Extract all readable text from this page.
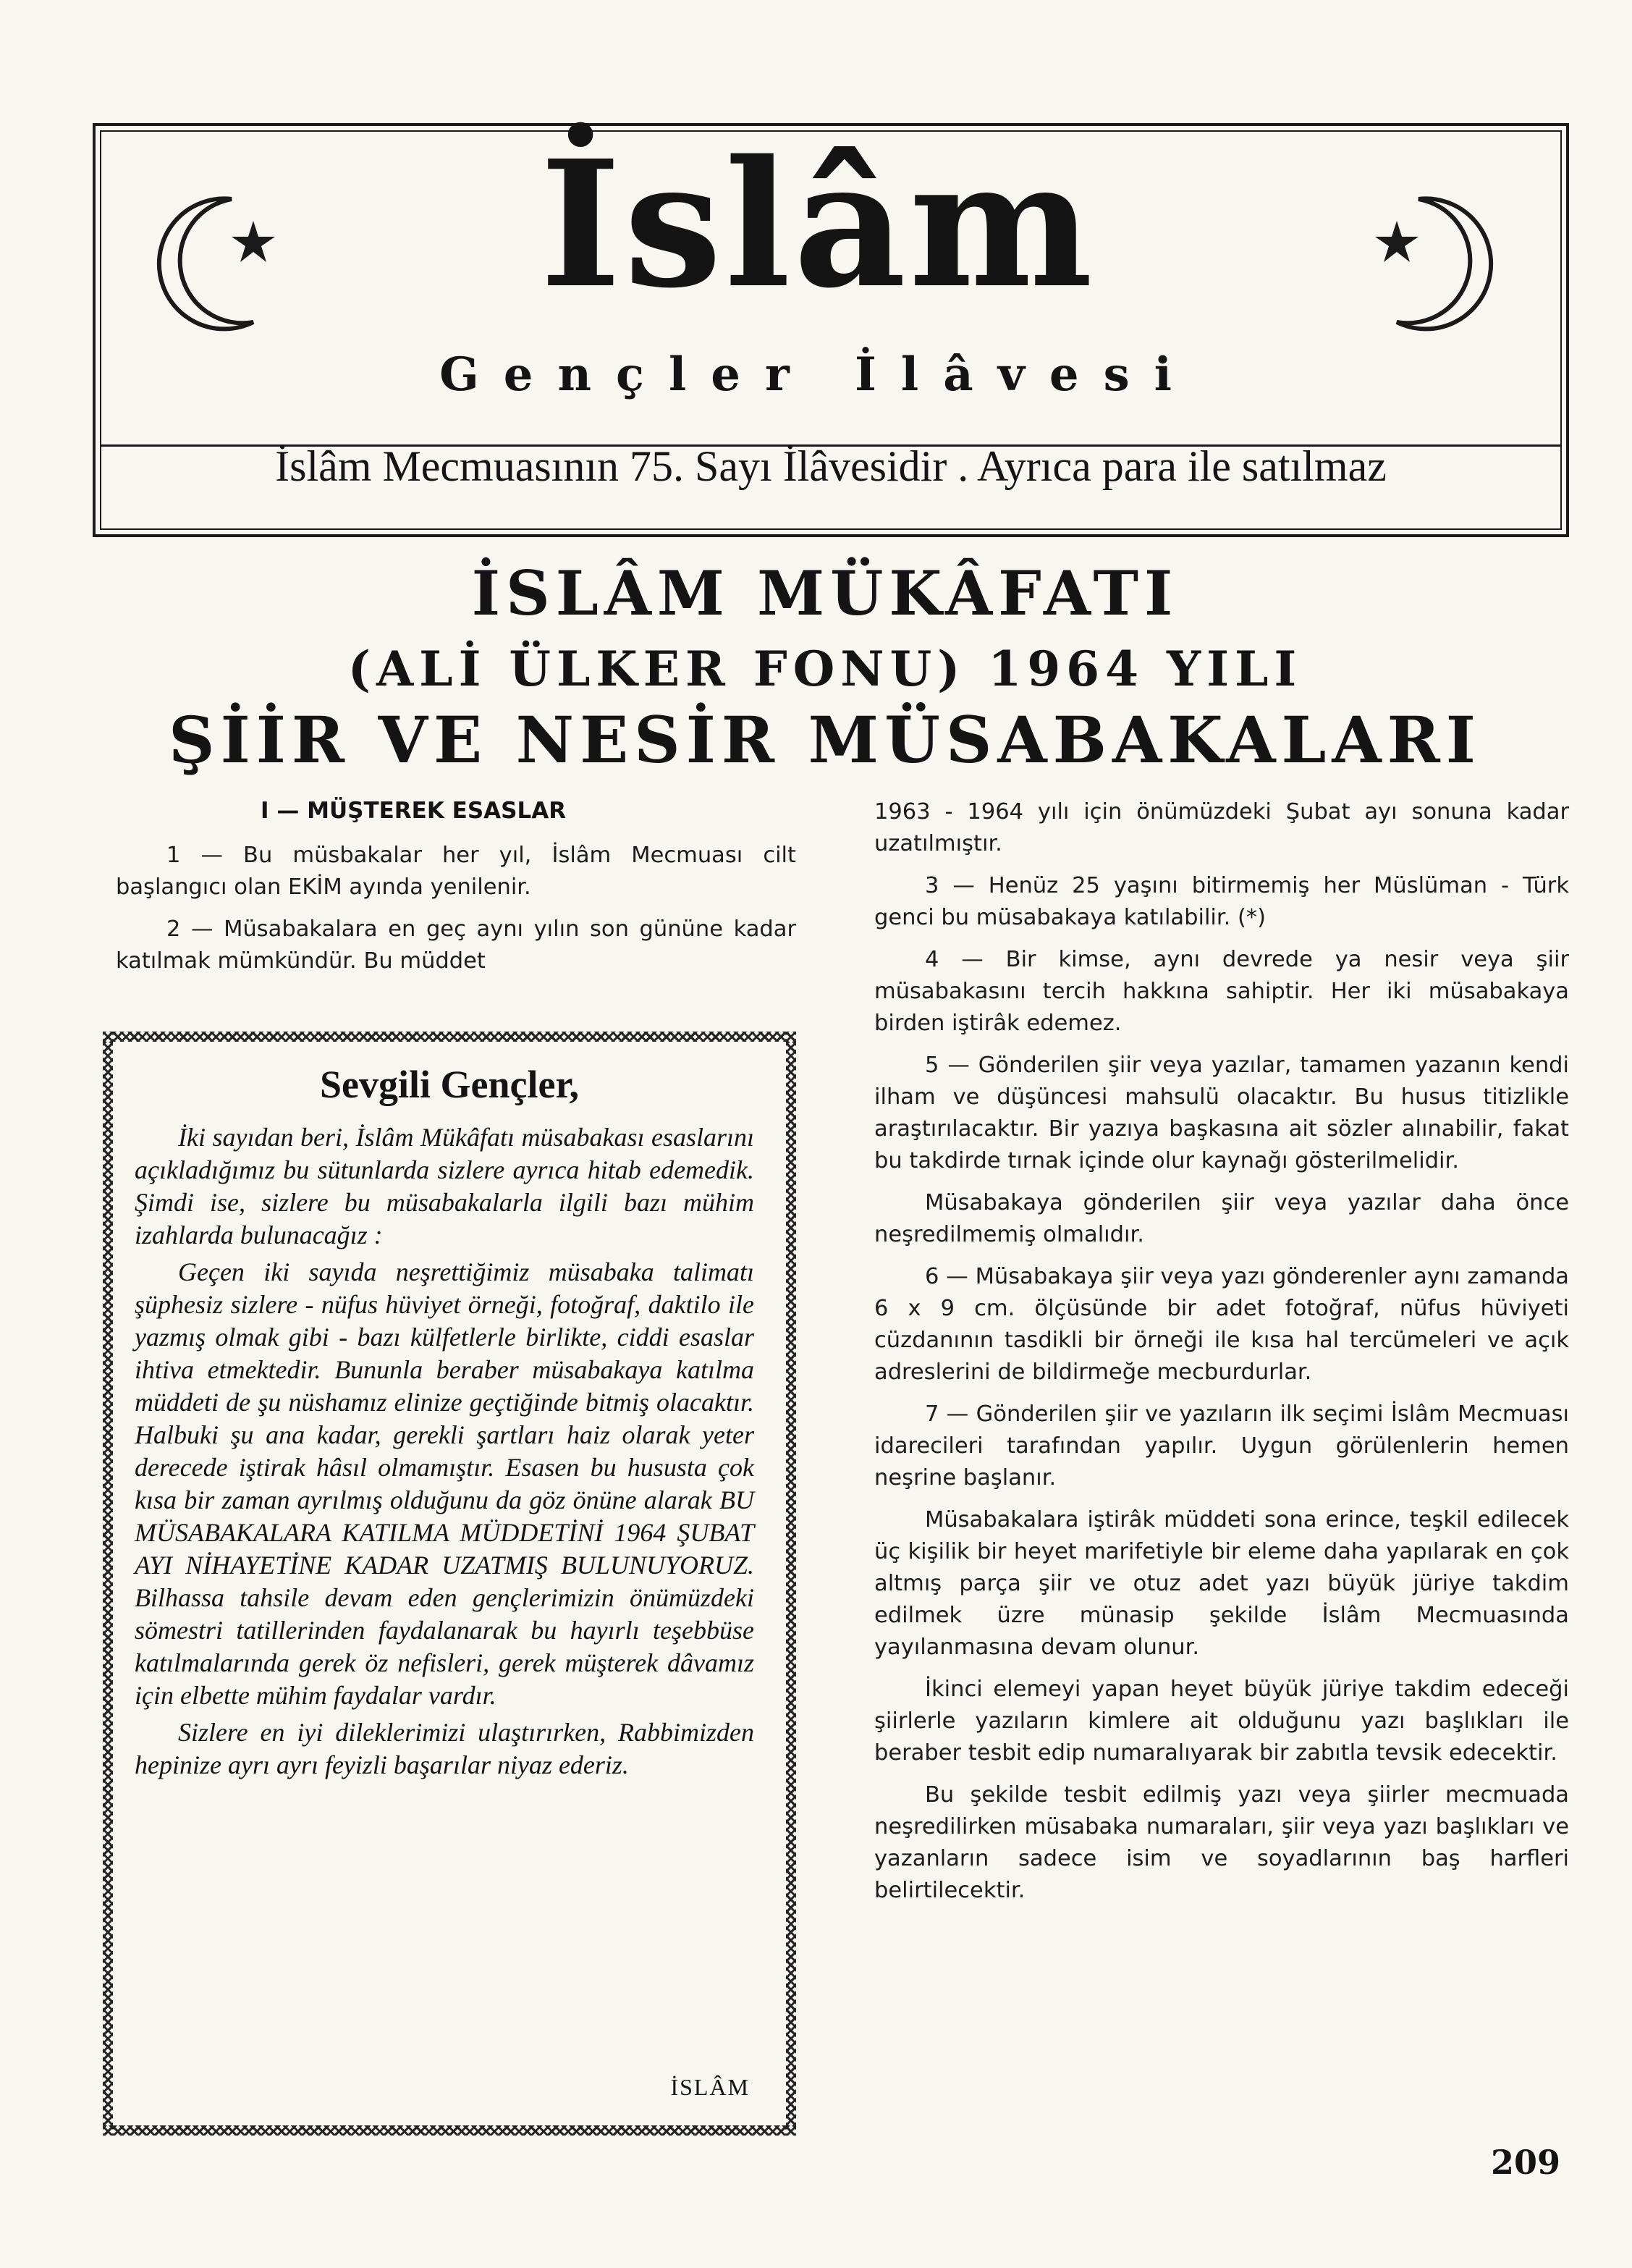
İslâm
Gençler İlâvesi
İslâm Mecmuasının 75. Sayı İlâvesidir . Ayrıca para ile satılmaz
İSLÂM MÜKÂFATI
(ALİ ÜLKER FONU) 1964 YILI
ŞİİR VE NESİR MÜSABAKALARI
I — MÜŞTEREK ESASLAR

1 — Bu müsbakalar her yıl, İslâm Mecmuası cilt başlangıcı olan EKİM ayında yenilenir.

2 — Müsabakalara en geç aynı yılın son gününe kadar katılmak mümkündür. Bu müddet

Sevgili Gençler,

İki sayıdan beri, İslâm Mükâfatı müsabakası esaslarını açıkladığımız bu sütunlarda sizlere ayrıca hitab edemedik. Şimdi ise, sizlere bu müsabakalarla ilgili bazı mühim izahlarda bulunacağız :

Geçen iki sayıda neşrettiğimiz müsabaka talimatı şüphesiz sizlere - nüfus hüviyet örneği, fotoğraf, daktilo ile yazmış olmak gibi - bazı külfetlerle birlikte, ciddi esaslar ihtiva etmektedir. Bununla beraber müsabakaya katılma müddeti de şu nüshamız elinize geçtiğinde bitmiş olacaktır. Halbuki şu ana kadar, gerekli şartları haiz olarak yeter derecede iştirak hâsıl olmamıştır. Esasen bu hususta çok kısa bir zaman ayrılmış olduğunu da göz önüne alarak BU MÜSABAKALARA KATILMA MÜDDETİNİ 1964 ŞUBAT AYI NİHAYETİNE KADAR UZATMIŞ BULUNUYORUZ. Bilhassa tahsile devam eden gençlerimizin önümüzdeki sömestri tatillerinden faydalanarak bu hayırlı teşebbüse katılmalarında gerek öz nefisleri, gerek müşterek dâvamız için elbette mühim faydalar vardır.

Sizlere en iyi dileklerimizi ulaştırırken, Rabbimizden hepinize ayrı ayrı feyizli başarılar niyaz ederiz.

İSLÂM

1963 - 1964 yılı için önümüzdeki Şubat ayı sonuna kadar uzatılmıştır.

3 — Henüz 25 yaşını bitirmemiş her Müslüman - Türk genci bu müsabakaya katılabilir. (*)

4 — Bir kimse, aynı devrede ya nesir veya şiir müsabakasını tercih hakkına sahiptir. Her iki müsabakaya birden iştirâk edemez.

5 — Gönderilen şiir veya yazılar, tamamen yazanın kendi ilham ve düşüncesi mahsulü olacaktır. Bu husus titizlikle araştırılacaktır. Bir yazıya başkasına ait sözler alınabilir, fakat bu takdirde tırnak içinde olur kaynağı gösterilmelidir.

Müsabakaya gönderilen şiir veya yazılar daha önce neşredilmemiş olmalıdır.

6 — Müsabakaya şiir veya yazı gönderenler aynı zamanda 6 x 9 cm. ölçüsünde bir adet fotoğraf, nüfus hüviyeti cüzdanının tasdikli bir örneği ile kısa hal tercümeleri ve açık adreslerini de bildirmeğe mecburdurlar.

7 — Gönderilen şiir ve yazıların ilk seçimi İslâm Mecmuası idarecileri tarafından yapılır. Uygun görülenlerin hemen neşrine başlanır.

Müsabakalara iştirâk müddeti sona erince, teşkil edilecek üç kişilik bir heyet marifetiyle bir eleme daha yapılarak en çok altmış parça şiir ve otuz adet yazı büyük jüriye takdim edilmek üzre münasip şekilde İslâm Mecmuasında yayılanmasına devam olunur.

İkinci elemeyi yapan heyet büyük jüriye takdim edeceği şiirlerle yazıların kimlere ait olduğunu yazı başlıkları ile beraber tesbit edip numaralıyarak bir zabıtla tevsik edecektir.

Bu şekilde tesbit edilmiş yazı veya şiirler mecmuada neşredilirken müsabaka numaraları, şiir veya yazı başlıkları ve yazanların sadece isim ve soyadlarının baş harfleri belirtilecektir.

209
